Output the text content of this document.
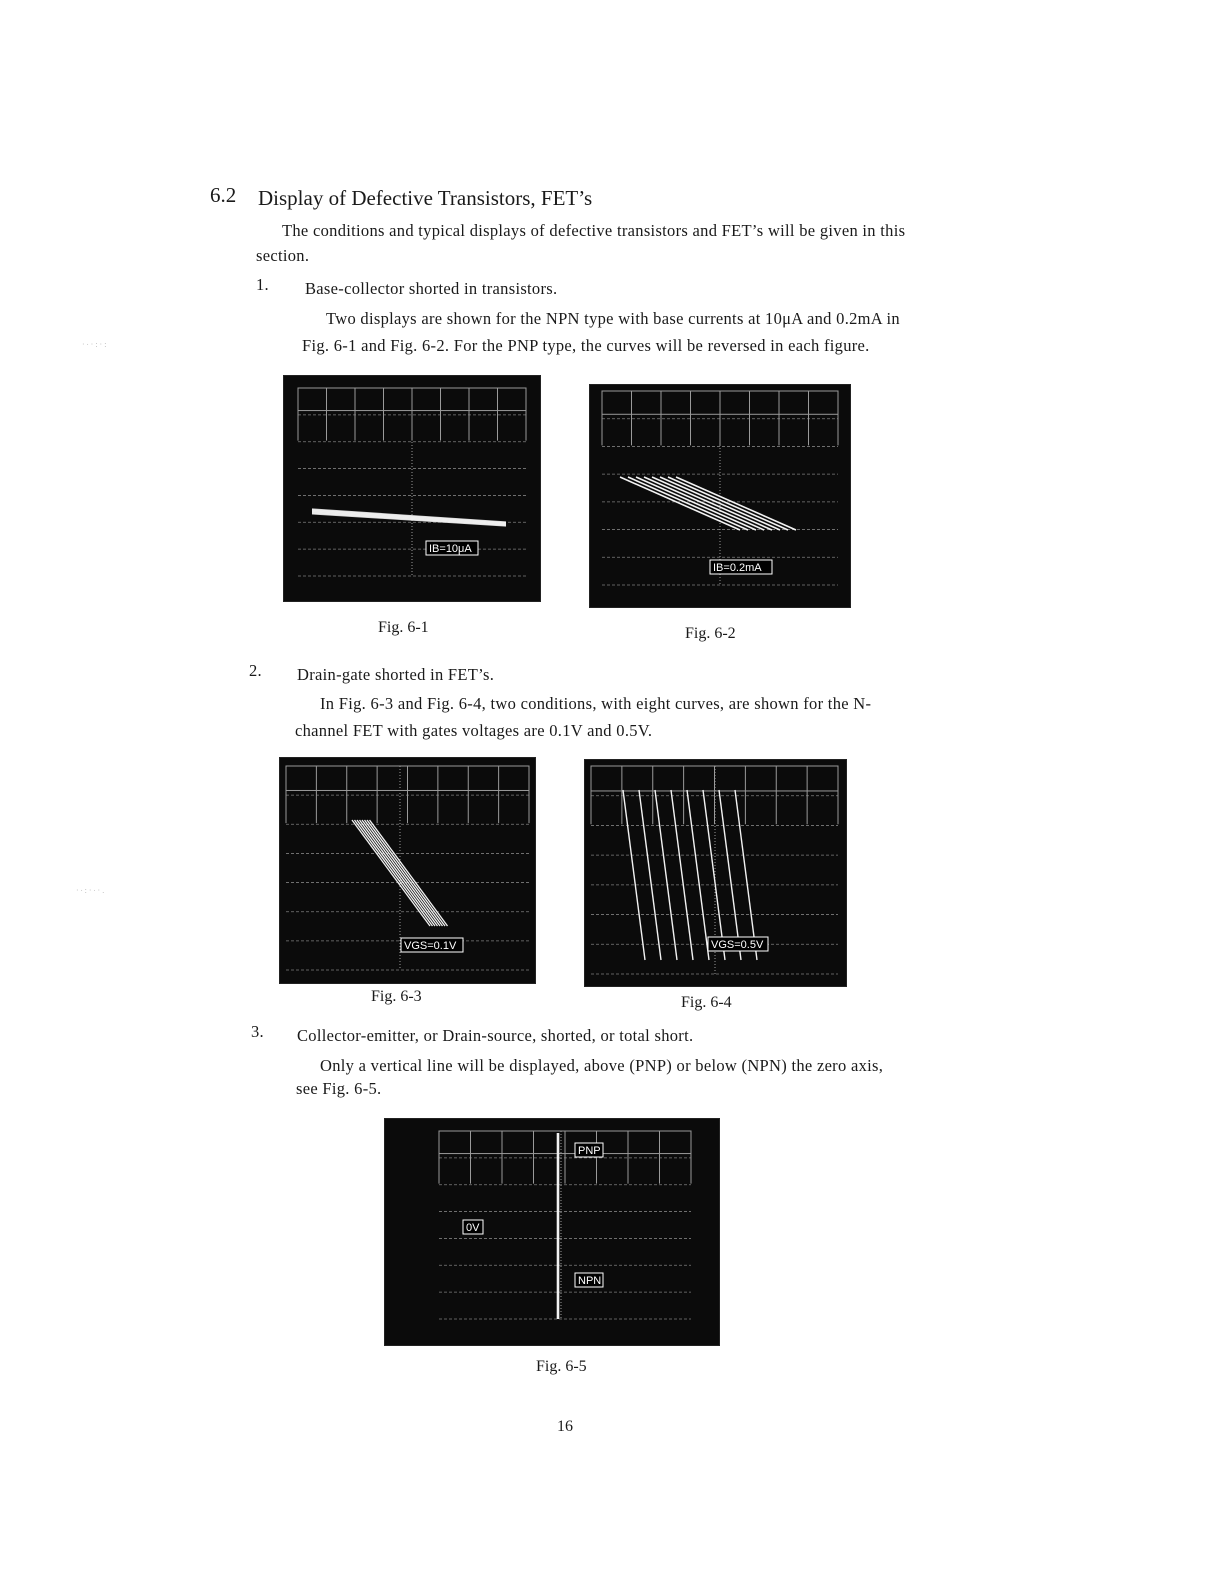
6.2 Display of Defective Transistors, FET’s
The conditions and typical displays of defective transistors and FET’s will be given in this
section.
1. Base-collector shorted in transistors.
Two displays are shown for the NPN type with base currents at 10μA and 0.2mA in
Fig. 6-1 and Fig. 6-2. For the PNP type, the curves will be reversed in each figure.
IB=10μA
Fig. 6-1
IB=0.2mA
Fig. 6-2
2. Drain-gate shorted in FET’s.
In Fig. 6-3 and Fig. 6-4, two conditions, with eight curves, are shown for the N-
channel FET with gates voltages are 0.1V and 0.5V.
VGS=0.1V
Fig. 6-3
VGS=0.5V
Fig. 6-4
3. Collector-emitter, or Drain-source, shorted, or total short.
Only a vertical line will be displayed, above (PNP) or below (NPN) the zero axis,
see Fig. 6-5.
PNP
0V
NPN
Fig. 6-5
16
·∙·:·:
·∙:·∙·.
